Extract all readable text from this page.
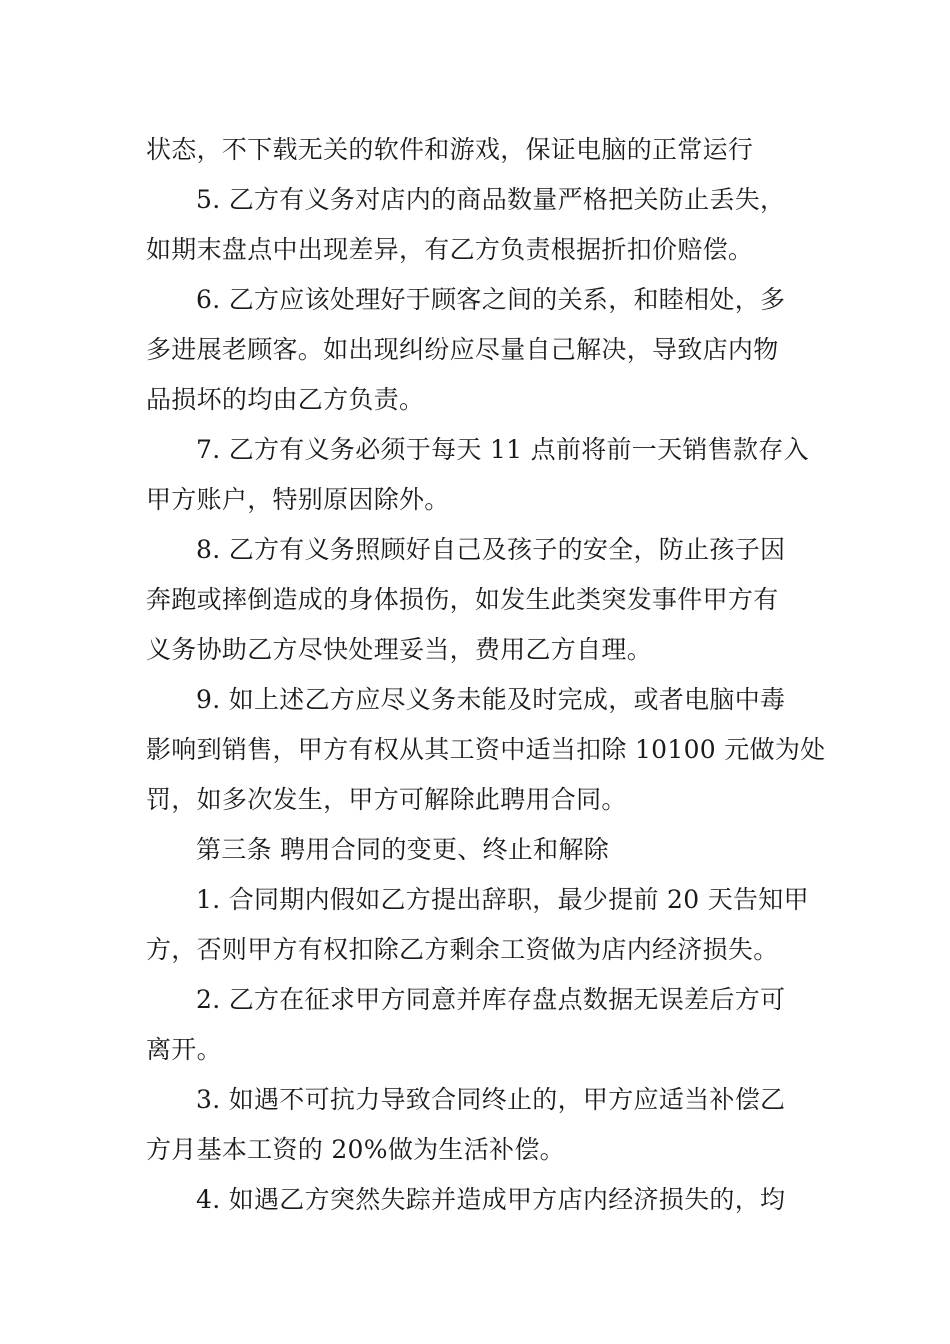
状态，不下载无关的软件和游戏，保证电脑的正常运行
5. 乙方有义务对店内的商品数量严格把关防止丢失，
如期末盘点中出现差异，有乙方负责根据折扣价赔偿。
6. 乙方应该处理好于顾客之间的关系，和睦相处，多
多进展老顾客。如出现纠纷应尽量自己解决，导致店内物
品损坏的均由乙方负责。
7. 乙方有义务必须于每天 11 点前将前一天销售款存入
甲方账户，特别原因除外。
8. 乙方有义务照顾好自己及孩子的安全，防止孩子因
奔跑或摔倒造成的身体损伤，如发生此类突发事件甲方有
义务协助乙方尽快处理妥当，费用乙方自理。
9. 如上述乙方应尽义务未能及时完成，或者电脑中毒
影响到销售，甲方有权从其工资中适当扣除 10100 元做为处
罚，如多次发生，甲方可解除此聘用合同。
第三条 聘用合同的变更、终止和解除
1. 合同期内假如乙方提出辞职，最少提前 20 天告知甲
方，否则甲方有权扣除乙方剩余工资做为店内经济损失。
2. 乙方在征求甲方同意并库存盘点数据无误差后方可
离开。
3. 如遇不可抗力导致合同终止的，甲方应适当补偿乙
方月基本工资的 20%做为生活补偿。
4. 如遇乙方突然失踪并造成甲方店内经济损失的，均
